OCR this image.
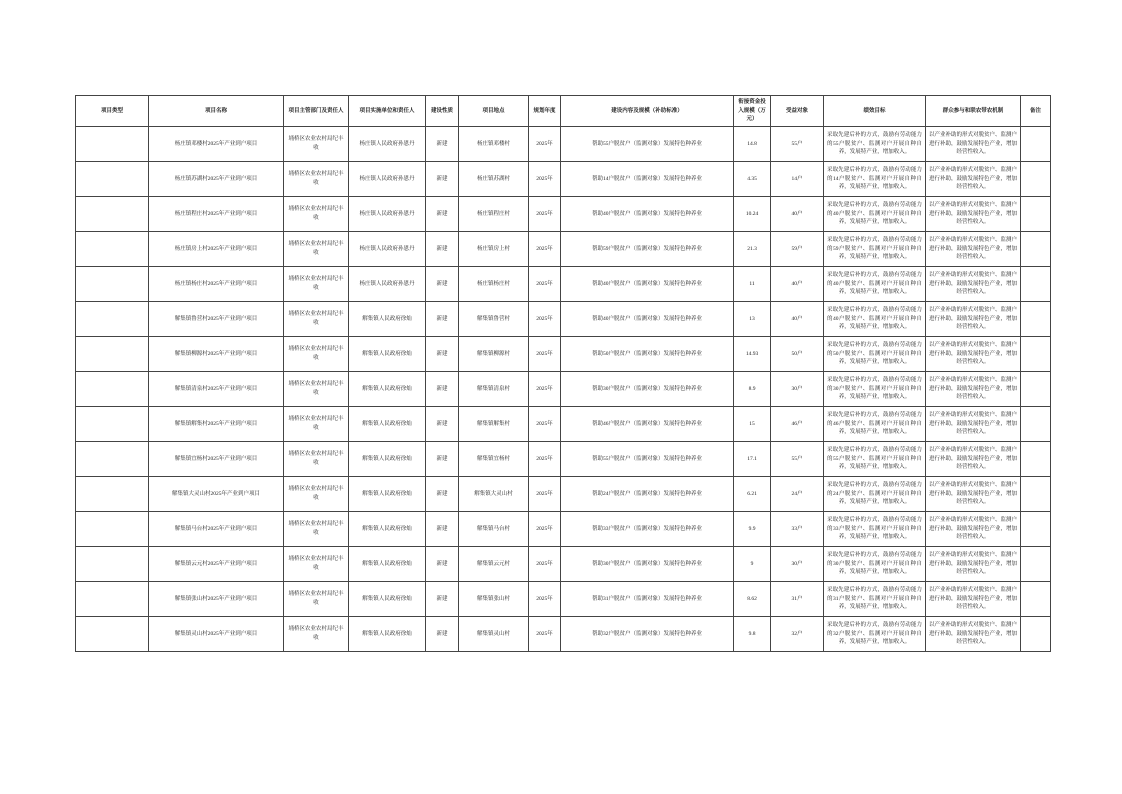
项目类型	项目名称	项目主管部门及责任人	项目实施单位和责任人	建设性质	项目地点	规划年度	建设内容及规模（补助标准）	衔接资金投入规模（万元）	受益对象	绩效目标	群众参与和联农带农机制	备注
	杨庄镇邓楼村2025年产业到户项目	埇桥区农业农村局纪丰收	杨庄镇人民政府孙恩丹	新建	杨庄镇邓楼村	2025年	帮助55户脱贫户（监测对象）发展特色种养业	14.8	55户	采取先建后补的方式，鼓励有劳动能力的55户脱贫户、监测对户开展自种自养，发展特产业，增加收入。	以产业补助的形式对脱贫户、监测户进行补助，鼓励发展特色产业，增加经营性收入。	
	杨庄镇苏湖村2025年产业到户项目	埇桥区农业农村局纪丰收	杨庄镇人民政府孙恩丹	新建	杨庄镇苏湖村	2025年	帮助14户脱贫户（监测对象）发展特色种养业	4.35	14户	采取先建后补的方式，鼓励有劳动能力的14户脱贫户、监测对户开展自种自养，发展特产业，增加收入。	以产业补助的形式对脱贫户、监测户进行补助，鼓励发展特色产业，增加经营性收入。	
	杨庄镇程庄村2025年产业到户项目	埇桥区农业农村局纪丰收	杨庄镇人民政府孙恩丹	新建	杨庄镇程庄村	2025年	帮助40户脱贫户（监测对象）发展特色种养业	10.24	40户	采取先建后补的方式，鼓励有劳动能力的40户脱贫户、监测对户开展自种自养，发展特产业，增加收入。	以产业补助的形式对脱贫户、监测户进行补助，鼓励发展特色产业，增加经营性收入。	
	杨庄镇房上村2025年产业到户项目	埇桥区农业农村局纪丰收	杨庄镇人民政府孙恩丹	新建	杨庄镇房上村	2025年	帮助59户脱贫户（监测对象）发展特色种养业	21.3	59户	采取先建后补的方式，鼓励有劳动能力的59户脱贫户、监测对户开展自种自养，发展特产业，增加收入。	以产业补助的形式对脱贫户、监测户进行补助，鼓励发展特色产业，增加经营性收入。	
	杨庄镇杨庄村2025年产业到户项目	埇桥区农业农村局纪丰收	杨庄镇人民政府孙恩丹	新建	杨庄镇杨庄村	2025年	帮助40户脱贫户（监测对象）发展特色种养业	11	40户	采取先建后补的方式，鼓励有劳动能力的40户脱贫户、监测对户开展自种自养，发展特产业，增加收入。	以产业补助的形式对脱贫户、监测户进行补助，鼓励发展特色产业，增加经营性收入。	
	解集镇鲁营村2025年产业到户项目	埇桥区农业农村局纪丰收	解集镇人民政府徐灿	新建	解集镇鲁营村	2025年	帮助40户脱贫户（监测对象）发展特色种养业	13	40户	采取先建后补的方式，鼓励有劳动能力的40户脱贫户、监测对户开展自种自养，发展特产业，增加收入。	以产业补助的形式对脱贫户、监测户进行补助，鼓励发展特色产业，增加经营性收入。	
	解集镇柳源村2025年产业到户项目	埇桥区农业农村局纪丰收	解集镇人民政府徐灿	新建	解集镇柳源村	2025年	帮助50户脱贫户（监测对象）发展特色种养业	14.93	50户	采取先建后补的方式，鼓励有劳动能力的50户脱贫户、监测对户开展自种自养，发展特产业，增加收入。	以产业补助的形式对脱贫户、监测户进行补助，鼓励发展特色产业，增加经营性收入。	
	解集镇清泉村2025年产业到户项目	埇桥区农业农村局纪丰收	解集镇人民政府徐灿	新建	解集镇清泉村	2025年	帮助30户脱贫户（监测对象）发展特色种养业	8.9	30户	采取先建后补的方式，鼓励有劳动能力的30户脱贫户、监测对户开展自种自养，发展特产业，增加收入。	以产业补助的形式对脱贫户、监测户进行补助，鼓励发展特色产业，增加经营性收入。	
	解集镇解集村2025年产业到户项目	埇桥区农业农村局纪丰收	解集镇人民政府徐灿	新建	解集镇解集村	2025年	帮助46户脱贫户（监测对象）发展特色种养业	15	46户	采取先建后补的方式，鼓励有劳动能力的46户脱贫户、监测对户开展自种自养，发展特产业，增加收入。	以产业补助的形式对脱贫户、监测户进行补助，鼓励发展特色产业，增加经营性收入。	
	解集镇宜杨村2025年产业到户项目	埇桥区农业农村局纪丰收	解集镇人民政府徐灿	新建	解集镇宜杨村	2025年	帮助55户脱贫户（监测对象）发展特色种养业	17.1	55户	采取先建后补的方式，鼓励有劳动能力的55户脱贫户、监测对户开展自种自养，发展特产业，增加收入。	以产业补助的形式对脱贫户、监测户进行补助，鼓励发展特色产业，增加经营性收入。	
	解集镇大灵山村2025年产业到户项目	埇桥区农业农村局纪丰收	解集镇人民政府徐灿	新建	解集镇大灵山村	2025年	帮助24户脱贫户（监测对象）发展特色种养业	6.21	24户	采取先建后补的方式，鼓励有劳动能力的24户脱贫户、监测对户开展自种自养，发展特产业，增加收入。	以产业补助的形式对脱贫户、监测户进行补助，鼓励发展特色产业，增加经营性收入。	
	解集镇马台村2025年产业到户项目	埇桥区农业农村局纪丰收	解集镇人民政府徐灿	新建	解集镇马台村	2025年	帮助33户脱贫户（监测对象）发展特色种养业	9.9	33户	采取先建后补的方式，鼓励有劳动能力的33户脱贫户、监测对户开展自种自养，发展特产业，增加收入。	以产业补助的形式对脱贫户、监测户进行补助，鼓励发展特色产业，增加经营性收入。	
	解集镇云元村2025年产业到户项目	埇桥区农业农村局纪丰收	解集镇人民政府徐灿	新建	解集镇云元村	2025年	帮助30户脱贫户（监测对象）发展特色种养业	9	30户	采取先建后补的方式，鼓励有劳动能力的30户脱贫户、监测对户开展自种自养，发展特产业，增加收入。	以产业补助的形式对脱贫户、监测户进行补助，鼓励发展特色产业，增加经营性收入。	
	解集镇张山村2025年产业到户项目	埇桥区农业农村局纪丰收	解集镇人民政府徐灿	新建	解集镇张山村	2025年	帮助31户脱贫户（监测对象）发展特色种养业	8.62	31户	采取先建后补的方式，鼓励有劳动能力的31户脱贫户、监测对户开展自种自养，发展特产业，增加收入。	以产业补助的形式对脱贫户、监测户进行补助，鼓励发展特色产业，增加经营性收入。	
	解集镇灵山村2025年产业到户项目	埇桥区农业农村局纪丰收	解集镇人民政府徐灿	新建	解集镇灵山村	2025年	帮助32户脱贫户（监测对象）发展特色种养业	9.8	32户	采取先建后补的方式，鼓励有劳动能力的32户脱贫户、监测对户开展自种自养，发展特产业，增加收入。	以产业补助的形式对脱贫户、监测户进行补助，鼓励发展特色产业，增加经营性收入。	
